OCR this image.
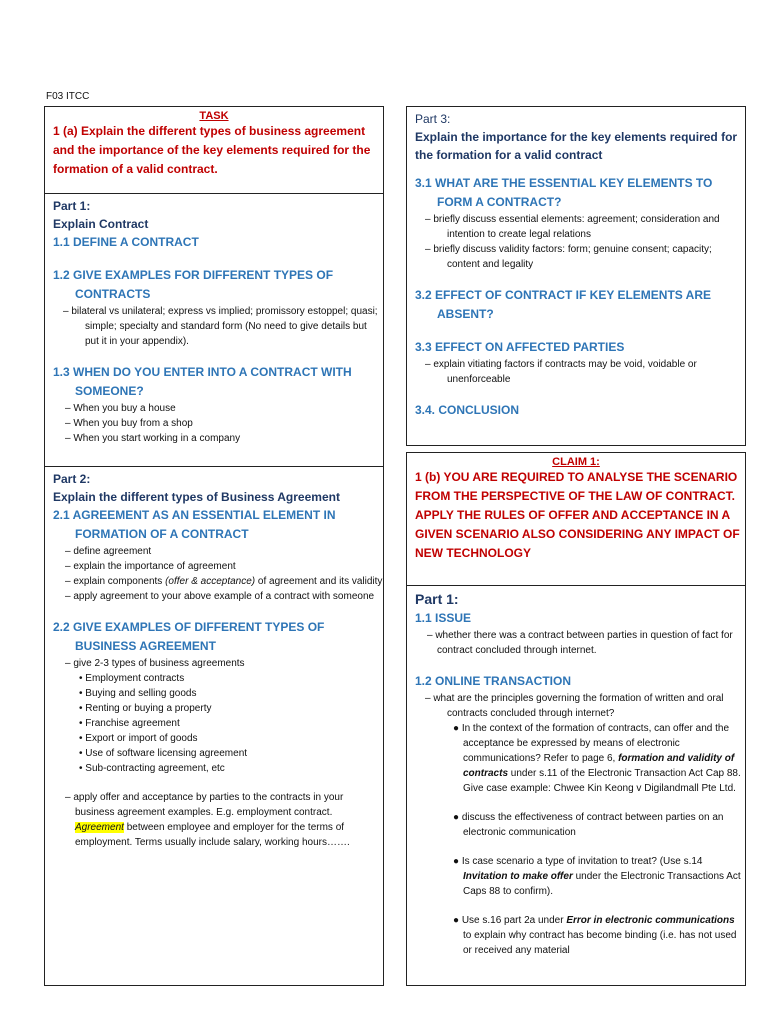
F03 ITCC
TASK
1 (a) Explain the different types of business agreement and the importance of the key elements required for the formation of a valid contract.
Part 1:
Explain Contract
1.1 DEFINE A CONTRACT
1.2 GIVE EXAMPLES FOR DIFFERENT TYPES OF
CONTRACTS
– bilateral vs unilateral; express vs implied; promissory estoppel; quasi; simple; specialty and standard form (No need to give details but put it in your appendix).
1.3 WHEN DO YOU ENTER INTO A CONTRACT WITH
SOMEONE?
– When you buy a house
– When you buy from a shop
– When you start working in a company
Part 2:
Explain the different types of Business Agreement
2.1 AGREEMENT AS AN ESSENTIAL ELEMENT IN
FORMATION OF A CONTRACT
– define agreement
– explain the importance of agreement
– explain components (offer & acceptance) of agreement and its validity
– apply agreement to your above example of a contract with someone
2.2 GIVE EXAMPLES OF DIFFERENT TYPES OF
BUSINESS AGREEMENT
– give 2-3 types of business agreements
• Employment contracts
• Buying and selling goods
• Renting or buying a property
• Franchise agreement
• Export or import of goods
• Use of software licensing agreement
• Sub-contracting agreement, etc
– apply offer and acceptance by parties to the contracts in your business agreement examples. E.g. employment contract. Agreement between employee and employer for the terms of employment. Terms usually include salary, working hours…….
Part 3:
Explain the importance for the key elements required for the formation for a valid contract
3.1 WHAT ARE THE ESSENTIAL KEY ELEMENTS TO
FORM A CONTRACT?
– briefly discuss essential elements: agreement; consideration and intention to create legal relations
– briefly discuss validity factors: form; genuine consent; capacity; content and legality
3.2 EFFECT OF CONTRACT IF KEY ELEMENTS ARE
ABSENT?
3.3 EFFECT ON AFFECTED PARTIES
– explain vitiating factors if contracts may be void, voidable or unenforceable
3.4. CONCLUSION
CLAIM 1:
1 (b) YOU ARE REQUIRED TO ANALYSE THE SCENARIO FROM THE PERSPECTIVE OF THE LAW OF CONTRACT. APPLY THE RULES OF OFFER AND ACCEPTANCE IN A GIVEN SCENARIO ALSO CONSIDERING ANY IMPACT OF NEW TECHNOLOGY
Part 1:
1.1 ISSUE
– whether there was a contract between parties in question of fact for contract concluded through internet.
1.2 ONLINE TRANSACTION
– what are the principles governing the formation of written and oral contracts concluded through internet?
● In the context of the formation of contracts, can offer and the acceptance be expressed by means of electronic communications? Refer to page 6, formation and validity of contracts under s.11 of the Electronic Transaction Act Cap 88. Give case example: Chwee Kin Keong v Digilandmall Pte Ltd.
● discuss the effectiveness of contract between parties on an electronic communication
● Is case scenario a type of invitation to treat? (Use s.14 Invitation to make offer under the Electronic Transactions Act Caps 88 to confirm).
● Use s.16 part 2a under Error in electronic communications to explain why contract has become binding (i.e. has not used or received any material
